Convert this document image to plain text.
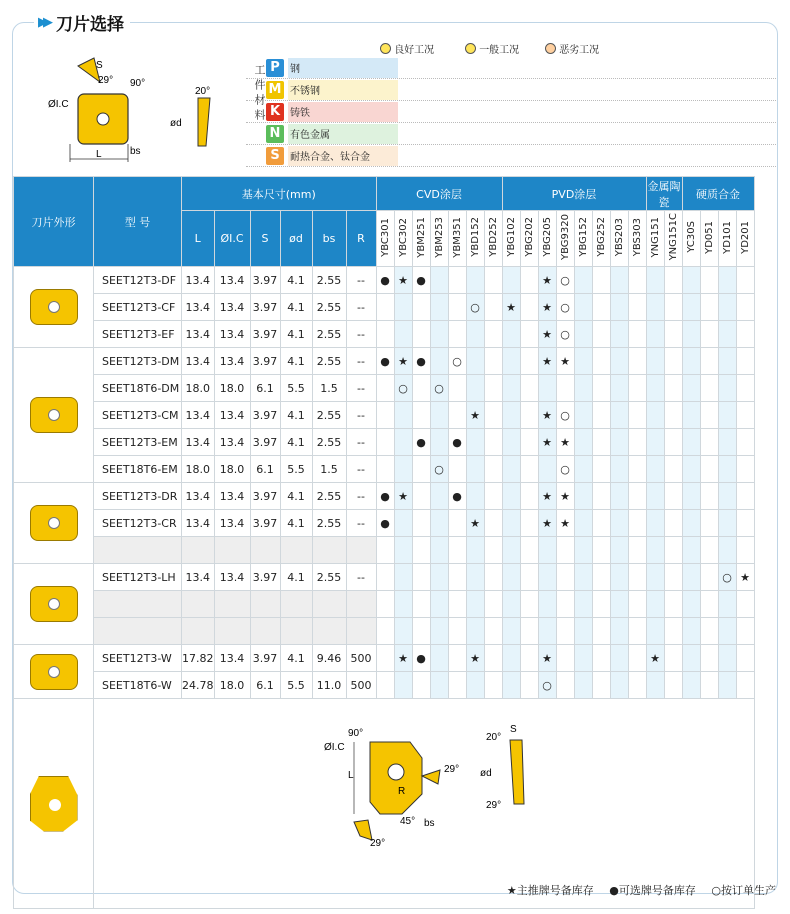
▶▶ 刀片选择
L
ØI.C
29° 90°
S
bs
20°
ød

良好工况
	一般工况
	恶劣工况
工件材料 P	钢
M 不锈钢
K 铸铁
N 有色金属
S	耐热合金、钛合金
刀片外形	型 号	基本尺寸(mm)						CVD涂层							PVD涂层								金属陶瓷		硬质合金			
		L	ØI.C	S	ød	bs	R	YBC301	YBC302	YBM251	YBM253	YBM351	YBD152	YBD252	YBG102	YBG202	YBG205	YBG9320	YBG152	YBG252	YBS203	YBS303	YNG151	YNG151C	YC30S	YD051	YD101	YD201

	SEET12T3-DF	13.4	13.4	3.97	4.1	2.55	--	●	★	●							★	○										
	SEET12T3-CF	13.4	13.4	3.97	4.1	2.55	--						○		★		★	○										
	SEET12T3-EF	13.4	13.4	3.97	4.1	2.55	--										★	○										

	SEET12T3-DM	13.4	13.4	3.97	4.1	2.55	--	●	★	●		○					★	★										
	SEET18T6-DM	18.0	18.0	6.1	5.5	1.5	--		○		○																	
	SEET12T3-CM	13.4	13.4	3.97	4.1	2.55	--						★				★	○										
	SEET12T3-EM	13.4	13.4	3.97	4.1	2.55	--			●		●					★	★										
	SEET18T6-EM	18.0	18.0	6.1	5.5	1.5	--				○							○										

	SEET12T3-DR	13.4	13.4	3.97	4.1	2.55	--	●	★			●					★	★										
	SEET12T3-CR	13.4	13.4	3.97	4.1	2.55	--	●					★				★	★										

	SEET12T3-LH	13.4	13.4	3.97	4.1	2.55	--																				○	★

	SEET12T3-W	17.82	13.4	3.97	4.1	9.46	500		★	●			★				★						★					
	SEET18T6-W	24.78	18.0	6.1	5.5	11.0	500										○											

ØI.C
90°
L
R
45° bs
29°
29°
20°
S
ød
29°
★主推牌号备库存 ●可选牌号备库存 ○按订单生产
